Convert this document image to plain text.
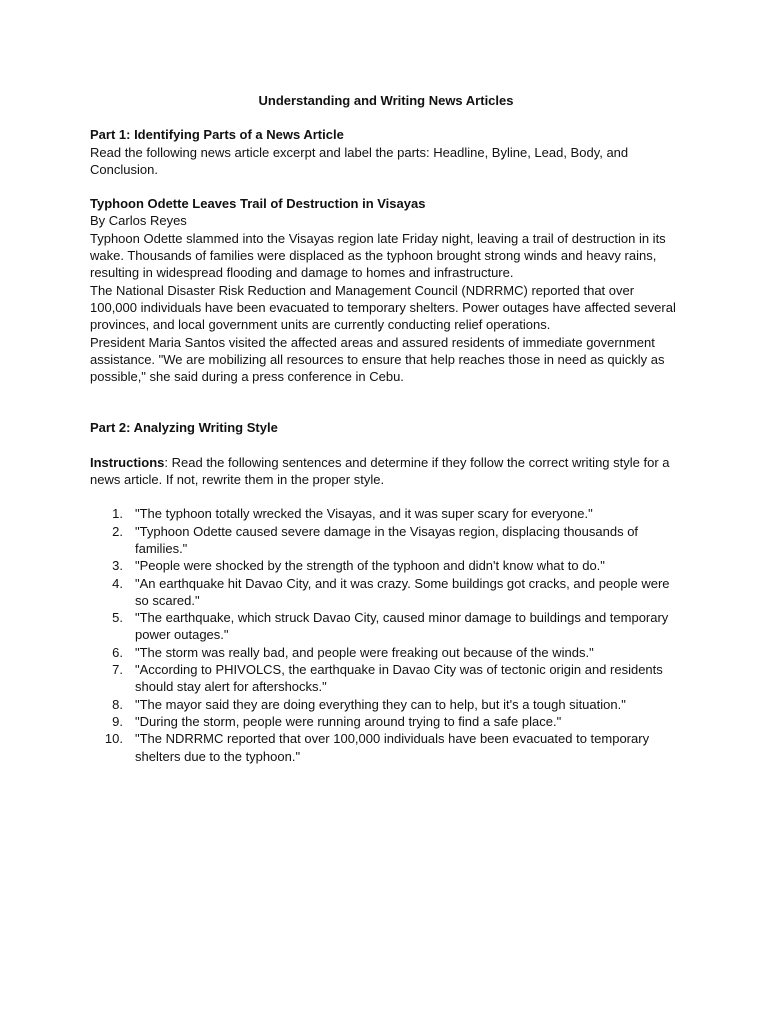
Understanding and Writing News Articles

Part 1: Identifying Parts of a News Article

Read the following news article excerpt and label the parts: Headline, Byline, Lead, Body, and Conclusion.

Typhoon Odette Leaves Trail of Destruction in Visayas

By Carlos Reyes

Typhoon Odette slammed into the Visayas region late Friday night, leaving a trail of destruction in its wake. Thousands of families were displaced as the typhoon brought strong winds and heavy rains, resulting in widespread flooding and damage to homes and infrastructure.

The National Disaster Risk Reduction and Management Council (NDRRMC) reported that over 100,000 individuals have been evacuated to temporary shelters. Power outages have affected several provinces, and local government units are currently conducting relief operations.

President Maria Santos visited the affected areas and assured residents of immediate government assistance. "We are mobilizing all resources to ensure that help reaches those in need as quickly as possible," she said during a press conference in Cebu.

Part 2: Analyzing Writing Style

Instructions: Read the following sentences and determine if they follow the correct writing style for a news article. If not, rewrite them in the proper style.

1. "The typhoon totally wrecked the Visayas, and it was super scary for everyone."
2. "Typhoon Odette caused severe damage in the Visayas region, displacing thousands of families."
3. "People were shocked by the strength of the typhoon and didn't know what to do."
4. "An earthquake hit Davao City, and it was crazy. Some buildings got cracks, and people were so scared."
5. "The earthquake, which struck Davao City, caused minor damage to buildings and temporary power outages."
6. "The storm was really bad, and people were freaking out because of the winds."
7. "According to PHIVOLCS, the earthquake in Davao City was of tectonic origin and residents should stay alert for aftershocks."
8. "The mayor said they are doing everything they can to help, but it's a tough situation."
9. "During the storm, people were running around trying to find a safe place."
10. "The NDRRMC reported that over 100,000 individuals have been evacuated to temporary shelters due to the typhoon."
